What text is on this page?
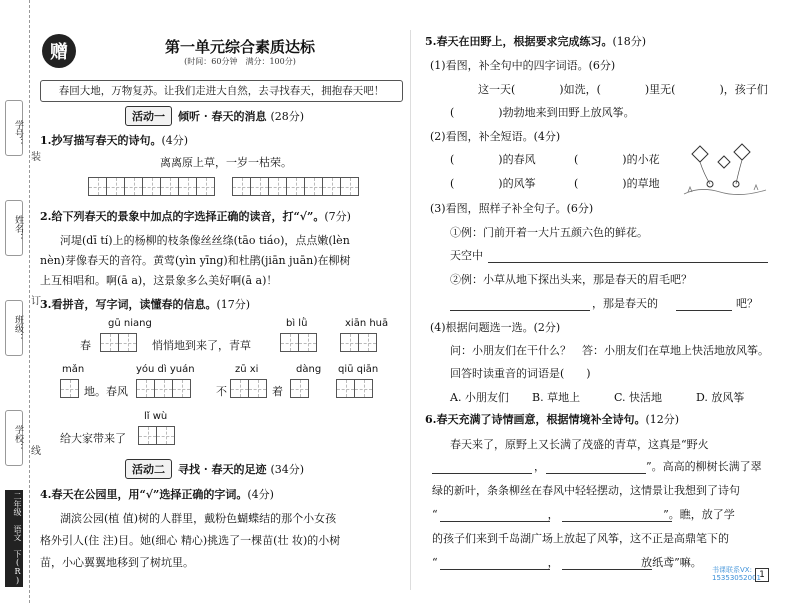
学号：
姓名：
班级：
学校：
二年级 语文 下(R)
装
订
线
赠	第一单元综合素质达标
(时间：60分钟　满分：100分)
春回大地，万物复苏。让我们走进大自然，去寻找春天，拥抱春天吧！
活动一	倾听 · 春天的消息 (28分)
1.抄写描写春天的诗句。(4分)
离离原上草，一岁一枯荣。
2.给下列春天的景象中加点的字选择正确的读音，打“√”。(7分)
河堤(dī tí)上的杨柳的枝条像丝丝绦(tāo tiáo)，点点嫩(lèn
nèn)芽像春天的音符。黄莺(yìn yīng)和杜鹃(jiān juān)在柳树
上互相唱和。啊(ā a)，这景象多么美好啊(ā a)！
3.看拼音，写字词，读懂春的信息。(17分)
gū niang	bì lǜ	xiān huā
春	悄悄地到来了，青草
mǎn	yóu dì yuán	zū xi	dàng qiū qiān
地。春风	不	着
lǐ wù
给大家带来了
活动二	寻找 · 春天的足迹 (34分)
4.春天在公园里，用“√”选择正确的字词。(4分)
湖滨公园(植 值)树的人群里，戴粉色蝴蝶结的那个小女孩
格外引人(住 注)目。她(细心 精心)挑选了一棵苗(壮 妆)的小树
苗，小心翼翼地移到了树坑里。
5.春天在田野上，根据要求完成练习。(18分)
(1)看图，补全句中的四字词语。(6分)
这一天(　　　　)如洗，(　　　　)里无(　　　　)，孩子们
(　　　　)勃勃地来到田野上放风筝。
(2)看图，补全短语。(4分)
(　　　　)的春风	(　　　　)的小花
(　　　　)的风筝	(　　　　)的草地
(3)看图，照样子补全句子。(6分)
①例：门前开着一大片五颜六色的鲜花。
天空中
②例：小草从地下探出头来，那是春天的眉毛吧？
，那是春天的	吧？
(4)根据问题选一选。(2分)
问：小朋友们在干什么？　答：小朋友们在草地上快活地放风筝。
回答时读重音的词语是(　　)
A. 小朋友们 B. 草地上	C. 快活地	D. 放风筝
6.春天充满了诗情画意，根据情境补全诗句。(12分)
春天来了，原野上又长满了茂盛的青草，这真是“野火
，	”。高高的柳树长满了翠
绿的新叶，条条柳丝在春风中轻轻摆动，这情景让我想到了诗句
“　　　　　　　　　　，　　　　　　　　　　”。瞧，放了学
的孩子们来到千岛湖广场上放起了风筝，这不正是高鼎笔下的
“　　　　　　　　　　，　　　　　　　　放纸鸢”嘛。
书课联系VX:
15353052001
1
